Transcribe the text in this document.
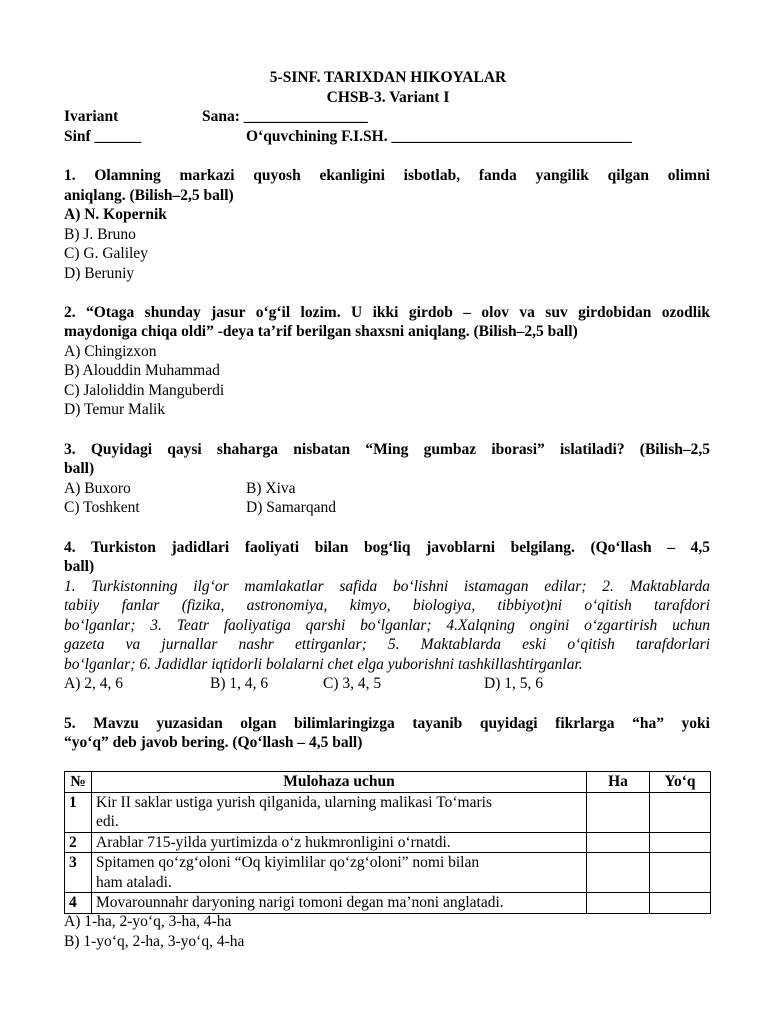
5-SINF. TARIXDAN HIKOYALAR
CHSB-3. Variant I
Ivariant	Sana: ________________
Sinf ______	O‘quvchining F.I.SH. _______________________________
1. Olamning markazi quyosh ekanligini isbotlab, fanda yangilik qilgan olimni
aniqlang. (Bilish–2,5 ball)
A) N. Kopernik
B) J. Bruno
C) G. Galiley
D) Beruniy
2. “Otaga shunday jasur o‘g‘il lozim. U ikki girdob – olov va suv girdobidan ozodlik
maydoniga chiqa oldi” -deya ta’rif berilgan shaxsni aniqlang. (Bilish–2,5 ball)
A) Chingizxon
B) Alouddin Muhammad
C) Jaloliddin Manguberdi
D) Temur Malik
3. Quyidagi qaysi shaharga nisbatan “Ming gumbaz iborasi” islatiladi? (Bilish–2,5
ball)
A) Buxoro	B) Xiva
C) Toshkent	D) Samarqand
4. Turkiston jadidlari faoliyati bilan bog‘liq javoblarni belgilang. (Qo‘llash – 4,5
ball)
1. Turkistonning ilg‘or mamlakatlar safida bo‘lishni istamagan edilar; 2. Maktablarda
tabiiy fanlar (fizika, astronomiya, kimyo, biologiya, tibbiyot)ni o‘qitish tarafdori
bo‘lganlar; 3. Teatr faoliyatiga qarshi bo‘lganlar; 4.Xalqning ongini o‘zgartirish uchun
gazeta va jurnallar nashr ettirganlar; 5. Maktablarda eski o‘qitish tarafdorlari
bo‘lganlar; 6. Jadidlar iqtidorli bolalarni chet elga yuborishni tashkillashtirganlar.
A) 2, 4, 6	B) 1, 4, 6	C) 3, 4, 5	D) 1, 5, 6
5. Mavzu yuzasidan olgan bilimlaringizga tayanib quyidagi fikrlarga “ha” yoki
“yo‘q” deb javob bering. (Qo‘llash – 4,5 ball)
№	Mulohaza uchun	Ha	Yo‘q
1	Kir II saklar ustiga yurish qilganida, ularning malikasi To‘maris
edi.		

2	Arablar 715-yilda yurtimizda o‘z hukmronligini o‘rnatdi.		

3	Spitamen qo‘zg‘oloni “Oq kiyimlilar qo‘zg‘oloni” nomi bilan
ham ataladi.		

4	Movarounnahr daryoning narigi tomoni degan ma’noni anglatadi.		

A) 1-ha, 2-yo‘q, 3-ha, 4-ha
B) 1-yo‘q, 2-ha, 3-yo‘q, 4-ha
